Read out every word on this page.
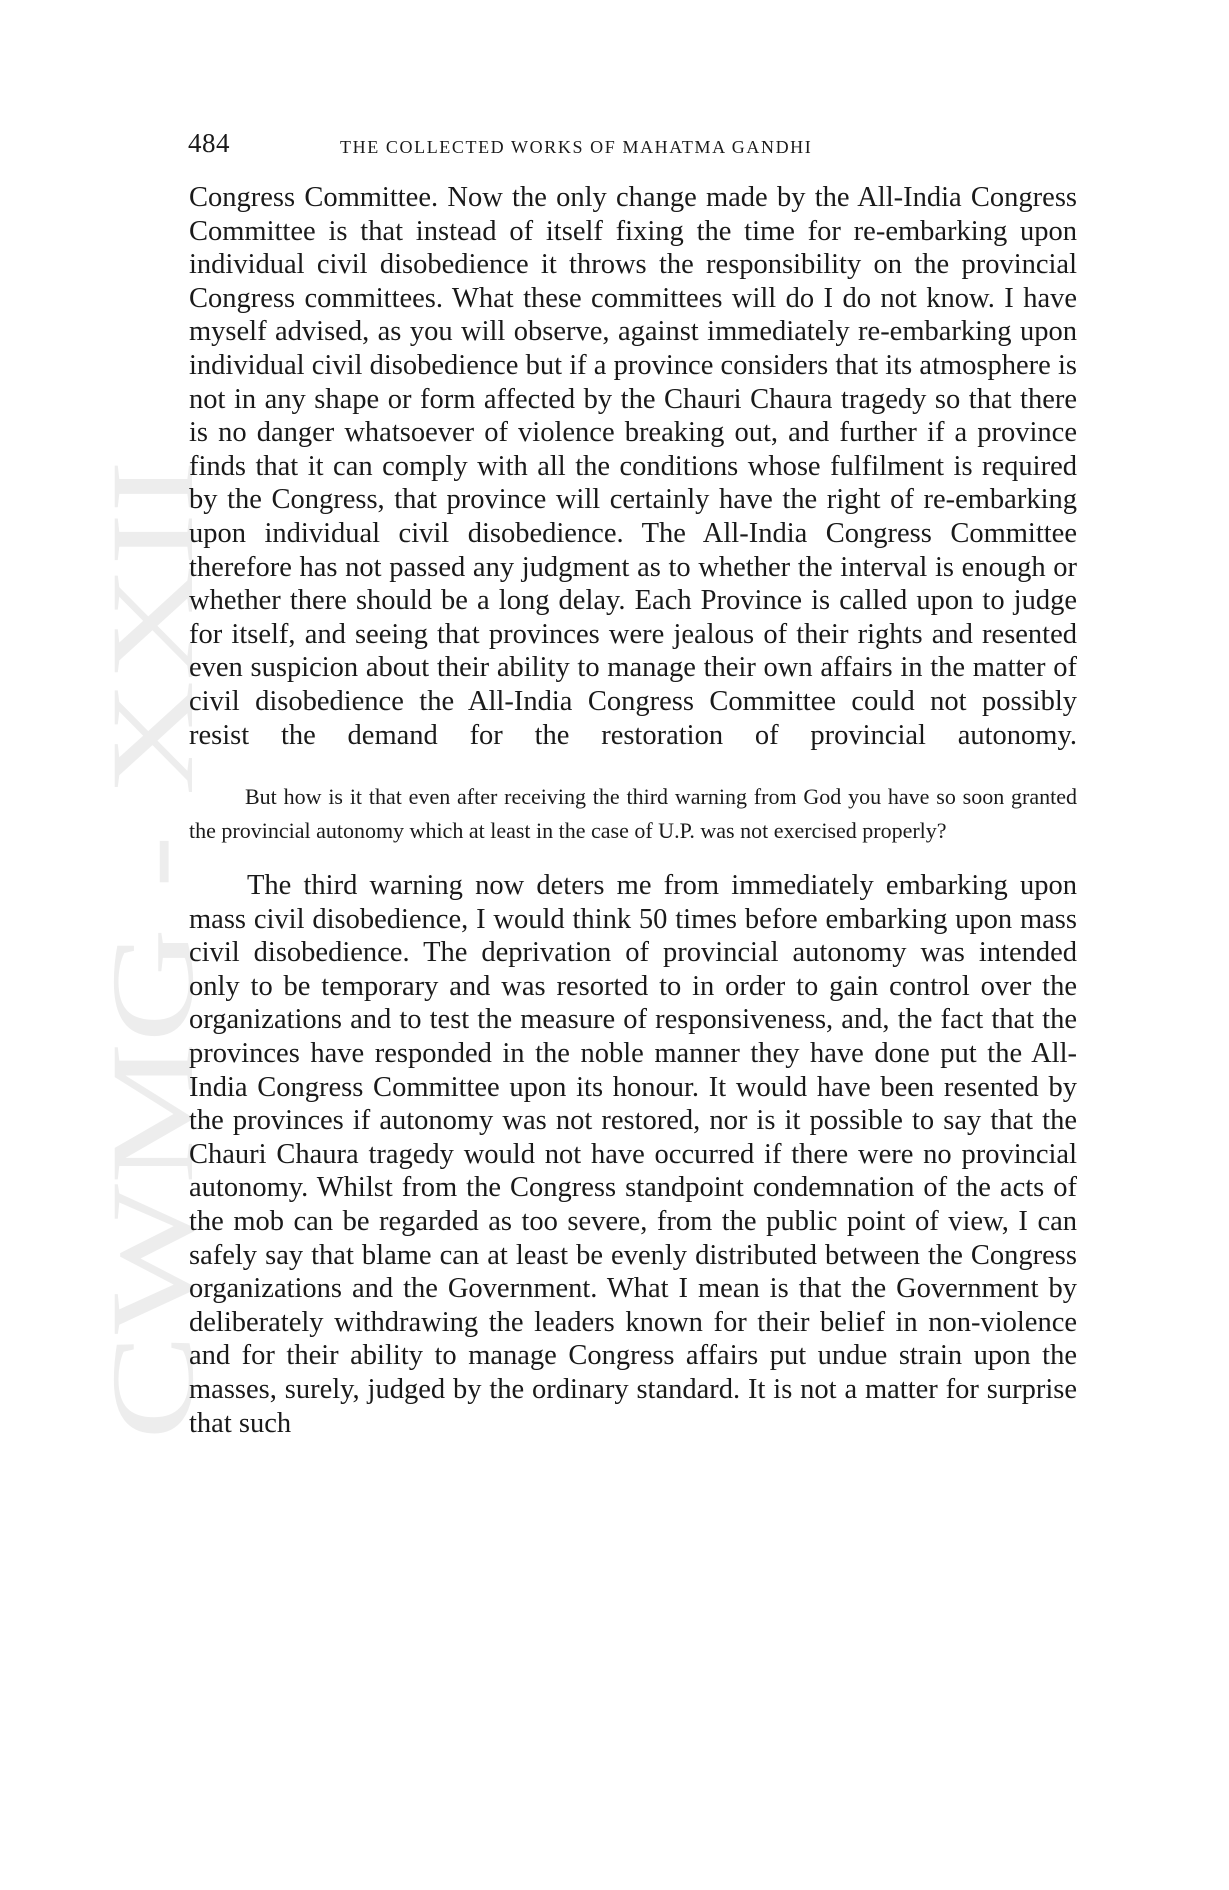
CWMG - XXII
484	THE COLLECTED WORKS OF MAHATMA GANDHI

Congress Committee. Now the only change made by the All-India Congress Committee is that instead of itself fixing the time for re-embarking upon individual civil disobedience it throws the responsibility on the provincial Congress committees. What these committees will do I do not know. I have myself advised, as you will observe, against immediately re-embarking upon individual civil disobedience but if a province considers that its atmosphere is not in any shape or form affected by the Chauri Chaura tragedy so that there is no danger whatsoever of violence breaking out, and further if a province finds that it can comply with all the conditions whose fulfilment is required by the Congress, that province will certainly have the right of re-embarking upon individual civil disobedience. The All-India Congress Committee therefore has not passed any judgment as to whether the interval is enough or whether there should be a long delay. Each Province is called upon to judge for itself, and seeing that provinces were jealous of their rights and resented even suspicion about their ability to manage their own affairs in the matter of civil disobedience the All-India Congress Committee could not possibly resist the demand for the restoration of provincial autonomy.

But how is it that even after receiving the third warning from God you have so soon granted the provincial autonomy which at least in the case of U.P. was not exercised properly?

The third warning now deters me from immediately embarking upon mass civil disobedience, I would think 50 times before embarking upon mass civil disobedience. The deprivation of provincial autonomy was intended only to be temporary and was resorted to in order to gain control over the organizations and to test the measure of responsiveness, and, the fact that the provinces have responded in the noble manner they have done put the All-India Congress Committee upon its honour. It would have been resented by the provinces if autonomy was not restored, nor is it possible to say that the Chauri Chaura tragedy would not have occurred if there were no provincial autonomy. Whilst from the Congress standpoint condemnation of the acts of the mob can be regarded as too severe, from the public point of view, I can safely say that blame can at least be evenly distributed between the Congress organizations and the Government. What I mean is that the Government by deliberately withdrawing the leaders known for their belief in non-violence and for their ability to manage Congress affairs put undue strain upon the masses, surely, judged by the ordinary standard. It is not a matter for surprise that such
